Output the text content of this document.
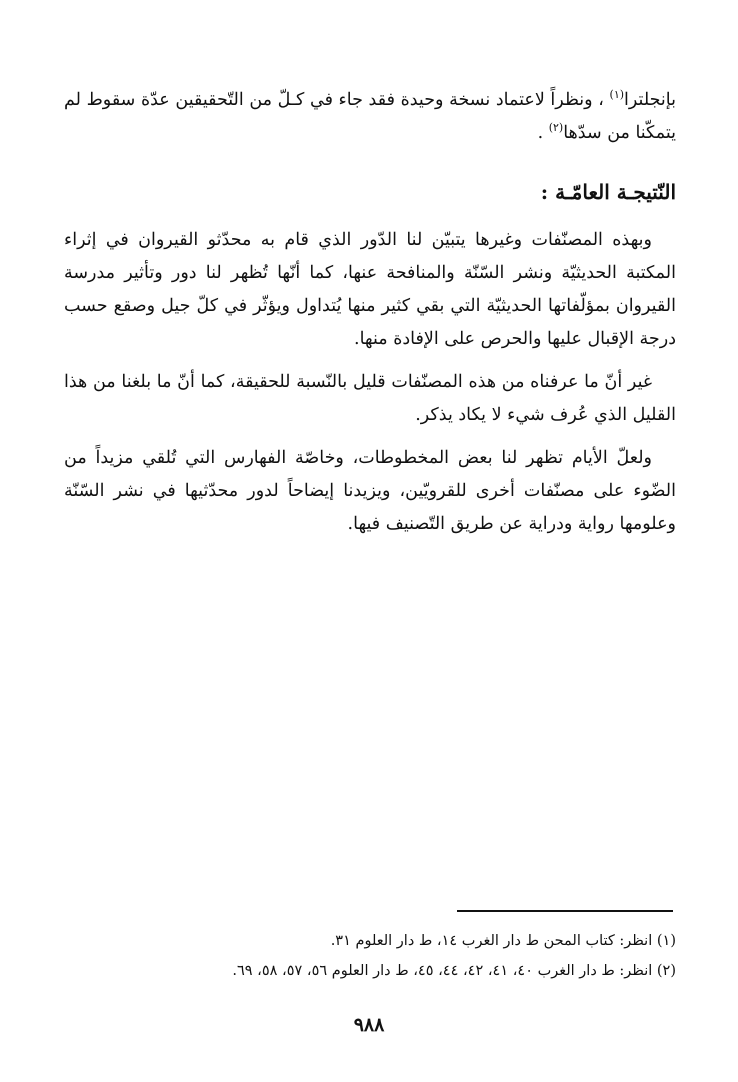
بإنجلترا$^{(١)}$ ، ونظراً لاعتماد نسخة وحيدة فقد جاء في كـلّ من التّحقيقين عدّة سقوط لم يتمكّنا من سدّها$^{(٢)}$ .

النّتيجـة العامّـة :

وبهذه المصنّفات وغيرها يتبيّن لنا الدّور الذي قام به محدّثو القيروان في إثراء المكتبة الحديثيّة ونشر السّنّة والمنافحة عنها، كما أنّها تُظهر لنا دور وتأثير مدرسة القيروان بمؤلّفاتها الحديثيّة التي بقي كثير منها يُتداول ويؤثّر في كلّ جيل وصقع حسب درجة الإقبال عليها والحرص على الإفادة منها.

غير أنّ ما عرفناه من هذه المصنّفات قليل بالنّسبة للحقيقة، كما أنّ ما بلغنا من هذا القليل الذي عُرف شيء لا يكاد يذكر.

ولعلّ الأيام تظهر لنا بعض المخطوطات، وخاصّة الفهارس التي تُلقي مزيداً من الضّوء على مصنّفات أخرى للقرويّين، ويزيدنا إيضاحاً لدور محدّثيها في نشر السّنّة وعلومها رواية ودراية عن طريق التّصنيف فيها.

(١) انظر: كتاب المحن ط دار الغرب ١٤، ط دار العلوم ٣١.

(٢) انظر: ط دار الغرب ٤٠، ٤١، ٤٢، ٤٤، ٤٥، ط دار العلوم ٥٦، ٥٧، ٥٨، ٦٩.

٩٨٨
